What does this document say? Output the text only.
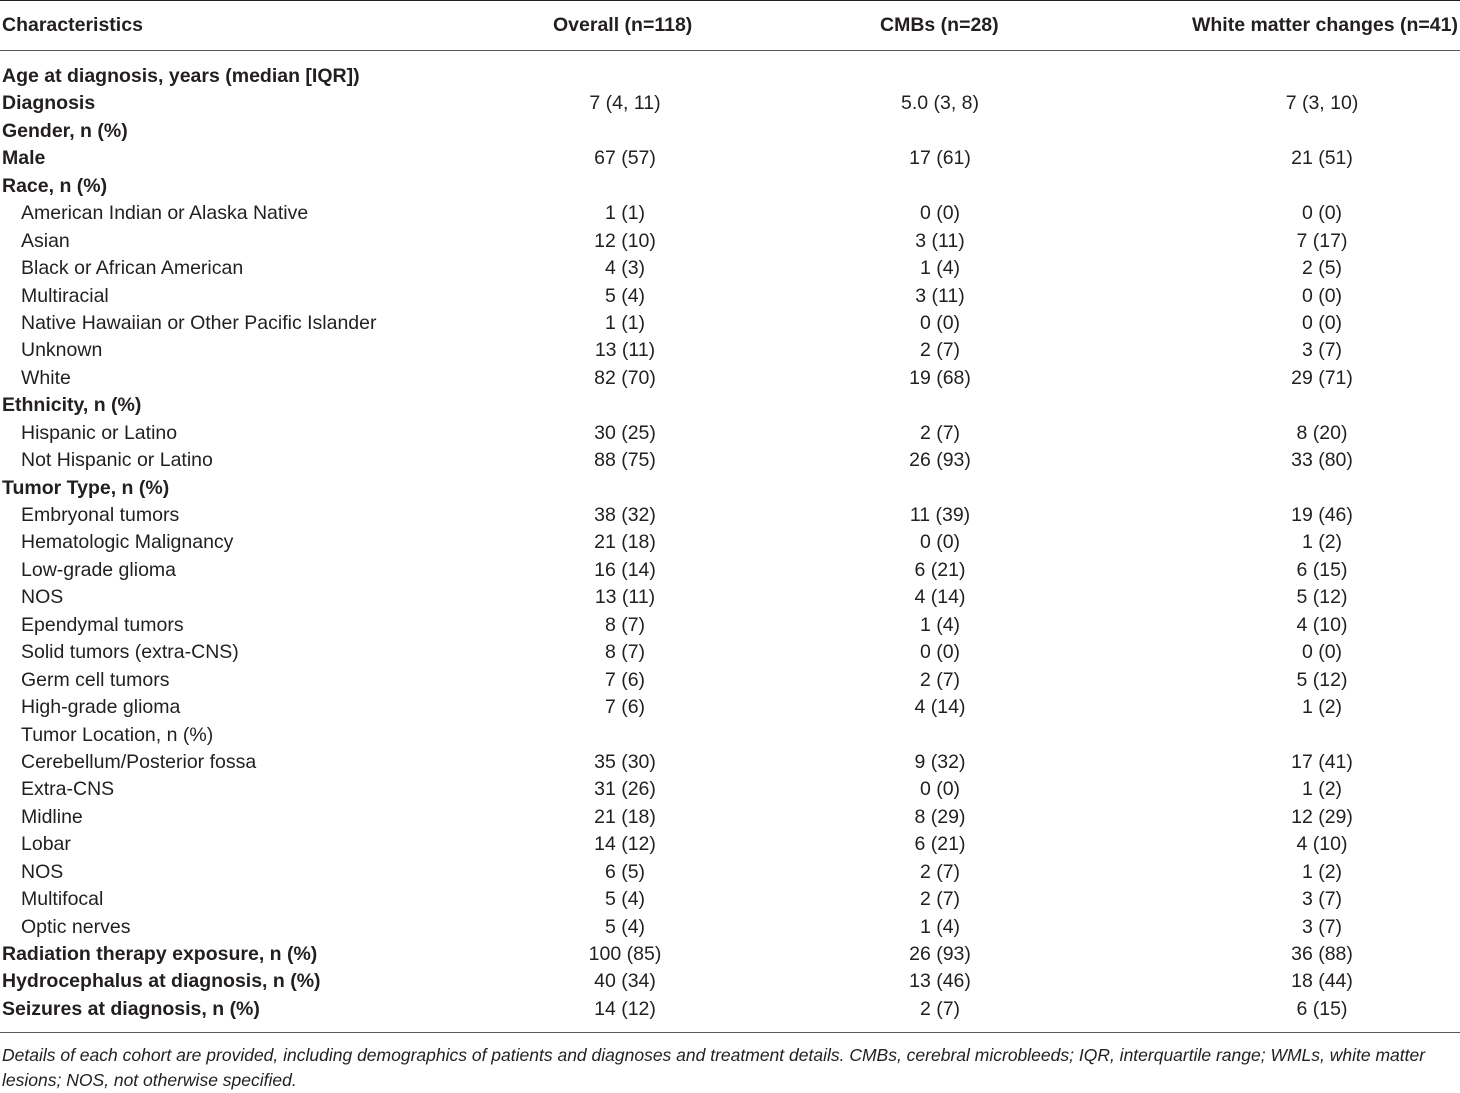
Characteristics	Overall (n=118)	CMBs (n=28)	White matter changes (n=41)
Age at diagnosis, years (median [IQR])
Diagnosis	7 (4, 11)	5.0 (3, 8)	7 (3, 10)
Gender, n (%)
Male	67 (57)	17 (61)	21 (51)
Race, n (%)
American Indian or Alaska Native	1 (1)	0 (0)	0 (0)
Asian	12 (10)	3 (11)	7 (17)
Black or African American	4 (3)	1 (4)	2 (5)
Multiracial	5 (4)	3 (11)	0 (0)
Native Hawaiian or Other Pacific Islander	1 (1)	0 (0)	0 (0)
Unknown	13 (11)	2 (7)	3 (7)
White	82 (70)	19 (68)	29 (71)
Ethnicity, n (%)
Hispanic or Latino	30 (25)	2 (7)	8 (20)
Not Hispanic or Latino	88 (75)	26 (93)	33 (80)
Tumor Type, n (%)
Embryonal tumors	38 (32)	11 (39)	19 (46)
Hematologic Malignancy	21 (18)	0 (0)	1 (2)
Low-grade glioma	16 (14)	6 (21)	6 (15)
NOS	13 (11)	4 (14)	5 (12)
Ependymal tumors	8 (7)	1 (4)	4 (10)
Solid tumors (extra-CNS)	8 (7)	0 (0)	0 (0)
Germ cell tumors	7 (6)	2 (7)	5 (12)
High-grade glioma	7 (6)	4 (14)	1 (2)
Tumor Location, n (%)
Cerebellum/Posterior fossa	35 (30)	9 (32)	17 (41)
Extra-CNS	31 (26)	0 (0)	1 (2)
Midline	21 (18)	8 (29)	12 (29)
Lobar	14 (12)	6 (21)	4 (10)
NOS	6 (5)	2 (7)	1 (2)
Multifocal	5 (4)	2 (7)	3 (7)
Optic nerves	5 (4)	1 (4)	3 (7)
Radiation therapy exposure, n (%)	100 (85)	26 (93)	36 (88)
Hydrocephalus at diagnosis, n (%)	40 (34)	13 (46)	18 (44)
Seizures at diagnosis, n (%)	14 (12)	2 (7)	6 (15)
Details of each cohort are provided, including demographics of patients and diagnoses and treatment details. CMBs, cerebral microbleeds; IQR, interquartile range; WMLs, white matter lesions; NOS, not otherwise specified.
